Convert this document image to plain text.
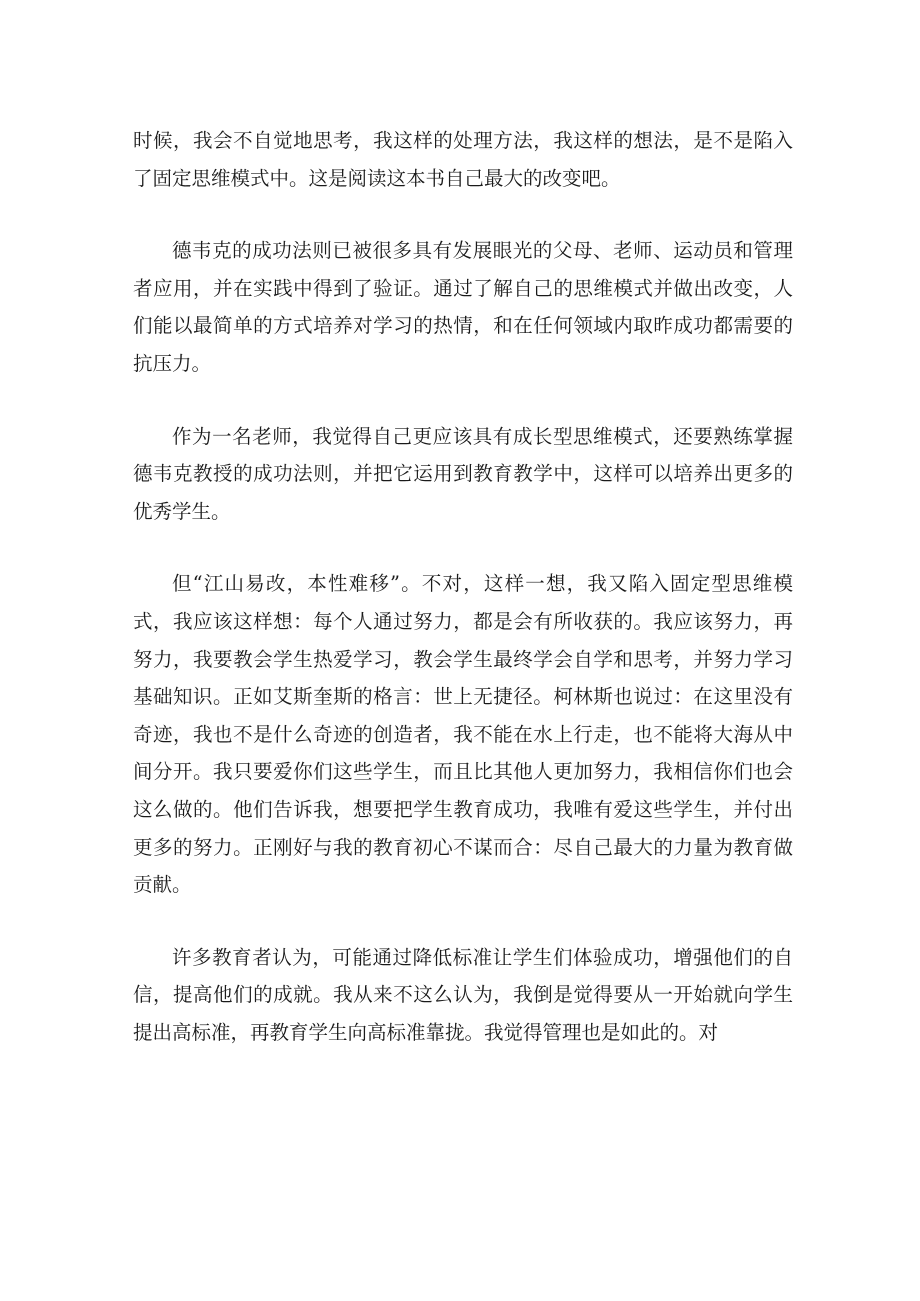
时候，我会不自觉地思考，我这样的处理方法，我这样的想法，是不是陷入了固定思维模式中。这是阅读这本书自己最大的改变吧。

德韦克的成功法则已被很多具有发展眼光的父母、老师、运动员和管理者应用，并在实践中得到了验证。通过了解自己的思维模式并做出改变，人们能以最简单的方式培养对学习的热情，和在任何领域内取昨成功都需要的抗压力。

作为一名老师，我觉得自己更应该具有成长型思维模式，还要熟练掌握德韦克教授的成功法则，并把它运用到教育教学中，这样可以培养出更多的优秀学生。

但“江山易改，本性难移”。不对，这样一想，我又陷入固定型思维模式，我应该这样想：每个人通过努力，都是会有所收获的。我应该努力，再努力，我要教会学生热爱学习，教会学生最终学会自学和思考，并努力学习基础知识。正如艾斯奎斯的格言：世上无捷径。柯林斯也说过：在这里没有奇迹，我也不是什么奇迹的创造者，我不能在水上行走，也不能将大海从中间分开。我只要爱你们这些学生，而且比其他人更加努力，我相信你们也会这么做的。他们告诉我，想要把学生教育成功，我唯有爱这些学生，并付出更多的努力。正刚好与我的教育初心不谋而合：尽自己最大的力量为教育做贡献。

许多教育者认为，可能通过降低标准让学生们体验成功，增强他们的自信，提高他们的成就。我从来不这么认为，我倒是觉得要从一开始就向学生提出高标准，再教育学生向高标准靠拢。我觉得管理也是如此的。对
